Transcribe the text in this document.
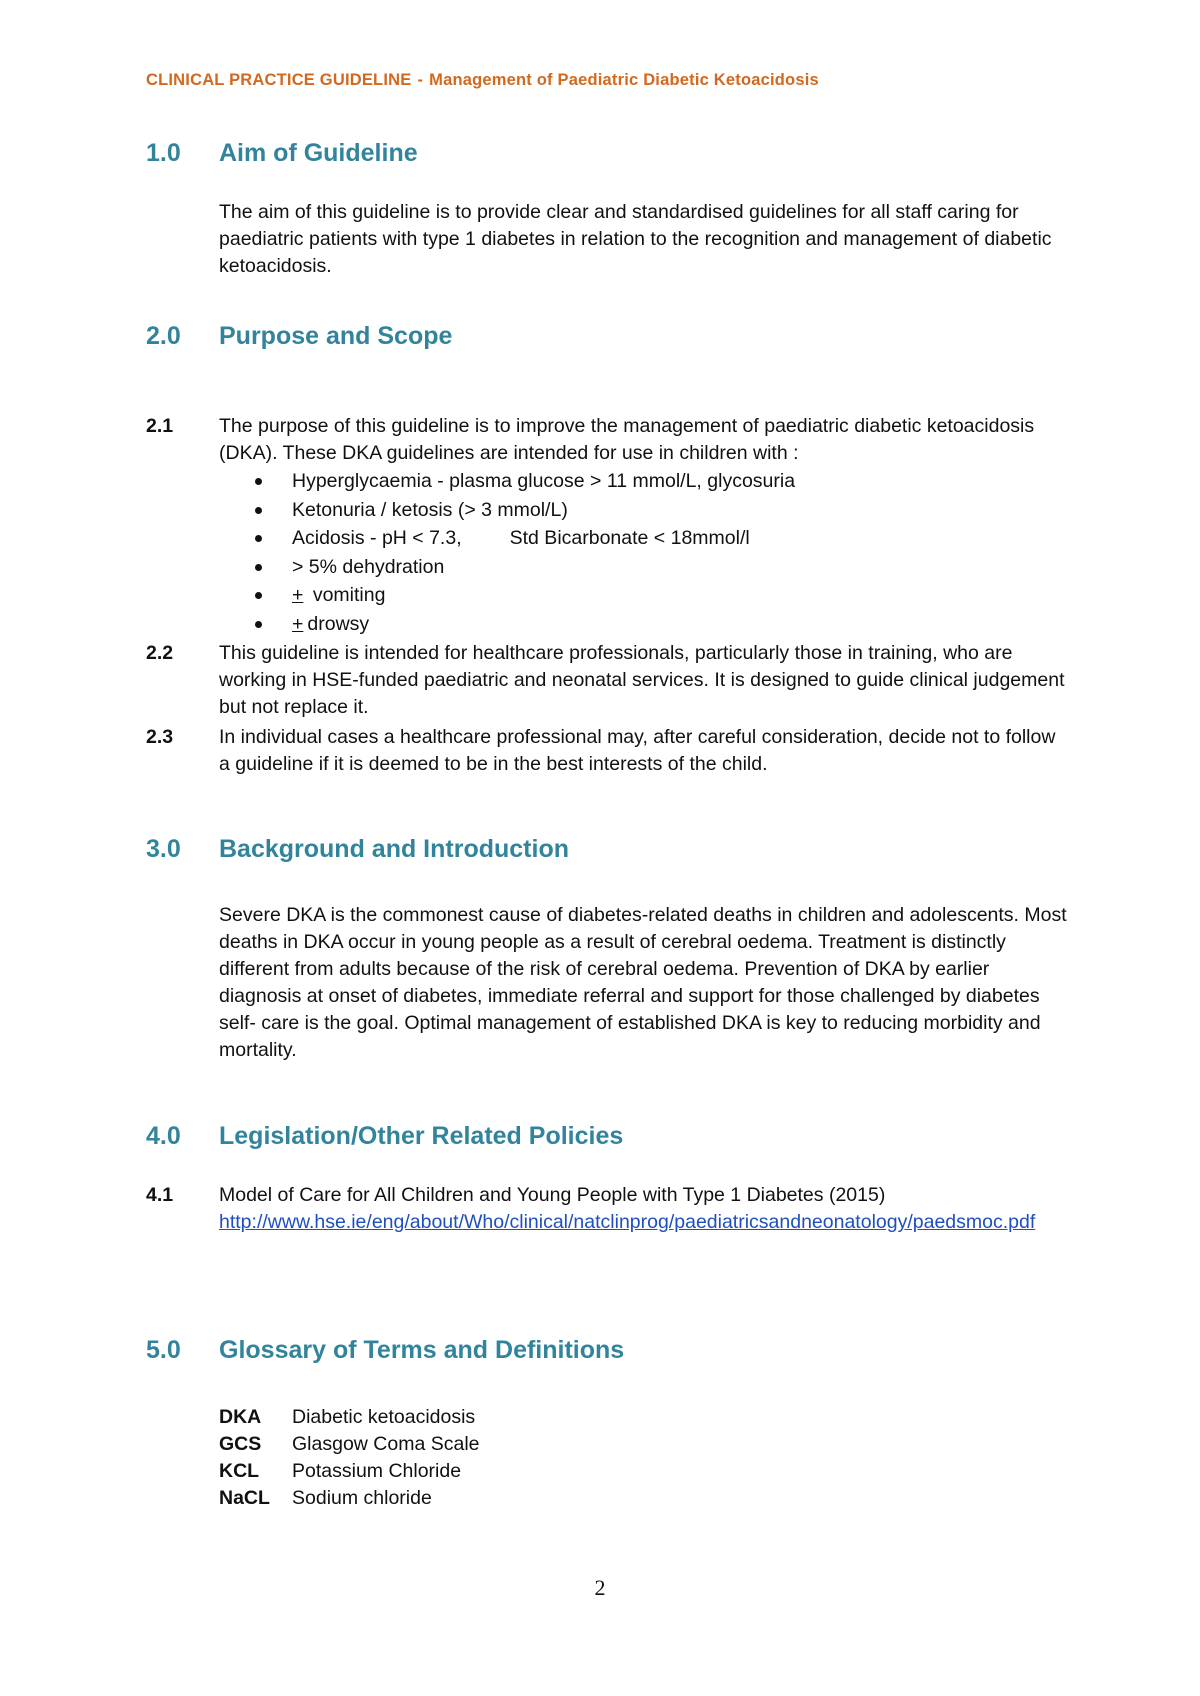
CLINICAL PRACTICE GUIDELINE - Management of Paediatric Diabetic Ketoacidosis
1.0 Aim of Guideline
The aim of this guideline is to provide clear and standardised guidelines for all staff caring for paediatric patients with type 1 diabetes in relation to the recognition and management of diabetic ketoacidosis.
2.0 Purpose and Scope
2.1 The purpose of this guideline is to improve the management of paediatric diabetic ketoacidosis (DKA). These DKA guidelines are intended for use in children with :
Hyperglycaemia - plasma glucose > 11 mmol/L, glycosuria
Ketonuria / ketosis (> 3 mmol/L)
Acidosis - pH < 7.3, Std Bicarbonate < 18mmol/l
> 5% dehydration
+ vomiting
+ drowsy
2.2 This guideline is intended for healthcare professionals, particularly those in training, who are working in HSE-funded paediatric and neonatal services. It is designed to guide clinical judgement but not replace it.
2.3 In individual cases a healthcare professional may, after careful consideration, decide not to follow a guideline if it is deemed to be in the best interests of the child.
3.0 Background and Introduction
Severe DKA is the commonest cause of diabetes-related deaths in children and adolescents. Most deaths in DKA occur in young people as a result of cerebral oedema. Treatment is distinctly different from adults because of the risk of cerebral oedema. Prevention of DKA by earlier diagnosis at onset of diabetes, immediate referral and support for those challenged by diabetes self- care is the goal. Optimal management of established DKA is key to reducing morbidity and mortality.
4.0 Legislation/Other Related Policies
4.1 Model of Care for All Children and Young People with Type 1 Diabetes (2015)
http://www.hse.ie/eng/about/Who/clinical/natclinprog/paediatricsandneonatology/paedsmoc.pdf
5.0 Glossary of Terms and Definitions
DKA Diabetic ketoacidosis
GCS Glasgow Coma Scale
KCL Potassium Chloride
NaCL Sodium chloride
2
